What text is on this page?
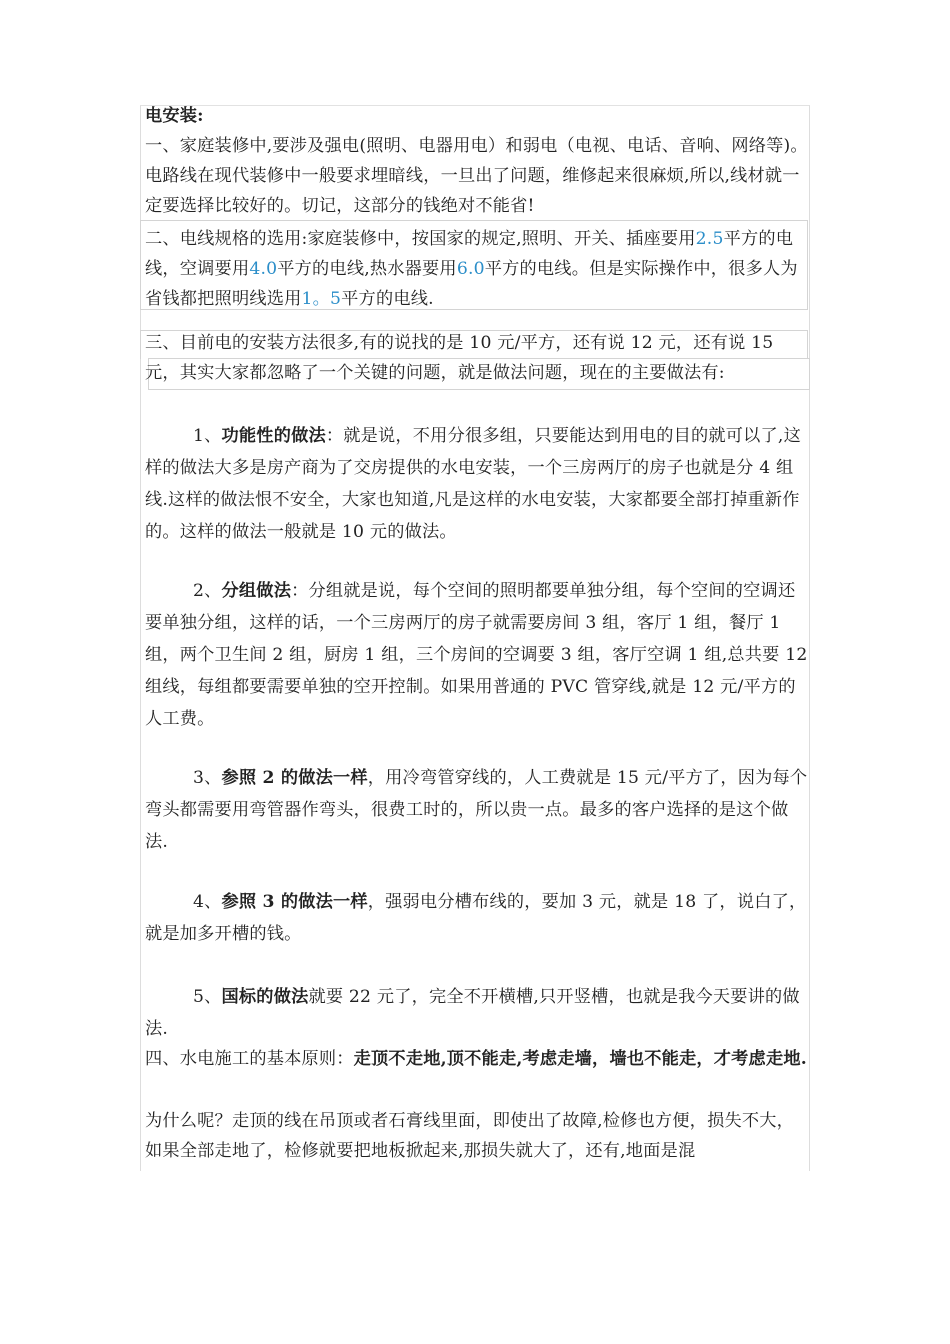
电安装:
一、家庭装修中,要涉及强电(照明、电器用电）和弱电（电视、电话、音响、网络等)。电路线在现代装修中一般要求埋暗线，一旦出了问题，维修起来很麻烦,所以,线材就一定要选择比较好的。切记，这部分的钱绝对不能省!
二、电线规格的选用:家庭装修中，按国家的规定,照明、开关、插座要用2.5平方的电线，空调要用4.0平方的电线,热水器要用6.0平方的电线。但是实际操作中，很多人为省钱都把照明线选用1。5平方的电线.
三、目前电的安装方法很多,有的说找的是 10 元/平方，还有说 12 元，还有说 15 元，其实大家都忽略了一个关键的问题，就是做法问题，现在的主要做法有:
1、功能性的做法：就是说，不用分很多组，只要能达到用电的目的就可以了,这样的做法大多是房产商为了交房提供的水电安装，一个三房两厅的房子也就是分 4 组线.这样的做法恨不安全，大家也知道,凡是这样的水电安装，大家都要全部打掉重新作的。这样的做法一般就是 10 元的做法。
2、分组做法：分组就是说，每个空间的照明都要单独分组，每个空间的空调还要单独分组，这样的话，一个三房两厅的房子就需要房间 3 组，客厅 1 组，餐厅 1 组，两个卫生间 2 组，厨房 1 组，三个房间的空调要 3 组，客厅空调 1 组,总共要 12 组线，每组都要需要单独的空开控制。如果用普通的 PVC 管穿线,就是 12 元/平方的人工费。
3、参照 2 的做法一样，用冷弯管穿线的，人工费就是 15 元/平方了，因为每个弯头都需要用弯管器作弯头，很费工时的，所以贵一点。最多的客户选择的是这个做法.
4、参照 3 的做法一样，强弱电分槽布线的，要加 3 元，就是 18 了，说白了，就是加多开槽的钱。
5、国标的做法就要 22 元了，完全不开横槽,只开竖槽，也就是我今天要讲的做法.
四、水电施工的基本原则：走顶不走地,顶不能走,考虑走墙，墙也不能走，才考虑走地.
为什么呢？走顶的线在吊顶或者石膏线里面，即使出了故障,检修也方便，损失不大，如果全部走地了，检修就要把地板掀起来,那损失就大了，还有,地面是混
